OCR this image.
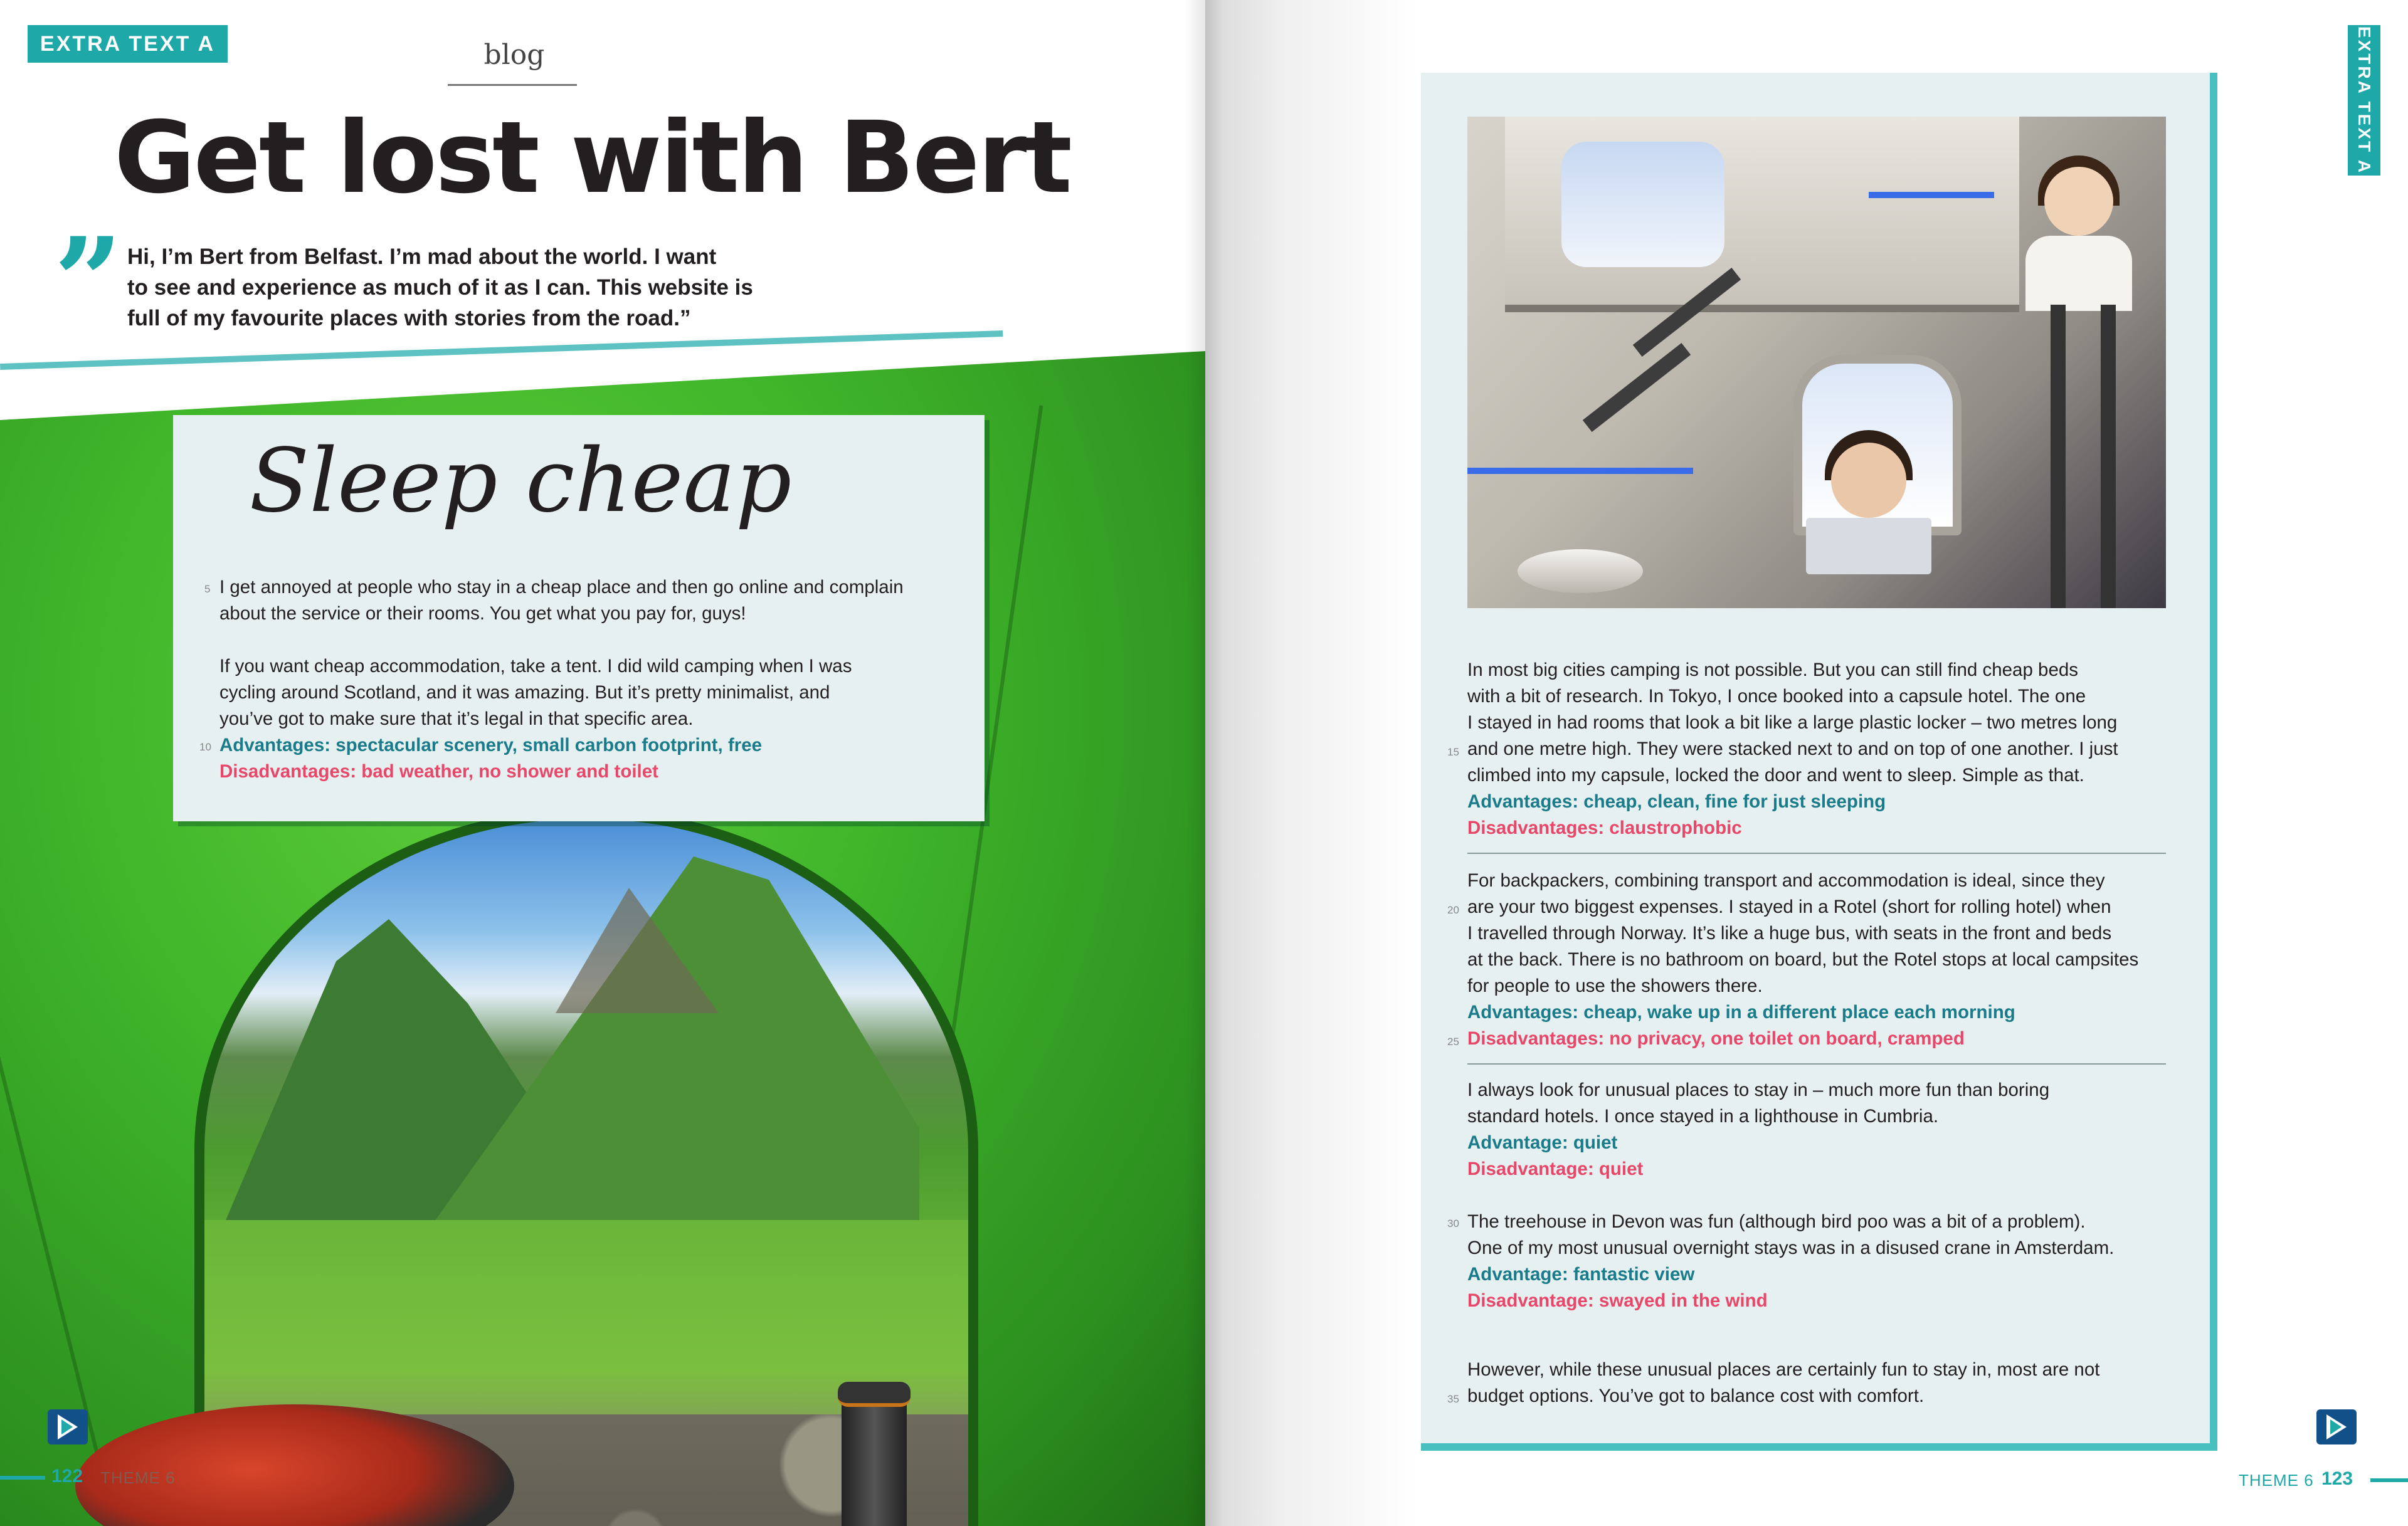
EXTRA TEXT A	blog
Get lost with Bert
” Hi, I’m Bert from Belfast. I’m mad about the world. I want
to see and experience as much of it as I can. This website is
full of my favourite places with stories from the road.”
Sleep cheap
5
10

I get annoyed at people who stay in a cheap place and then go online and complain

about the service or their rooms. You get what you pay for, guys!

If you want cheap accommodation, take a tent. I did wild camping when I was

cycling around Scotland, and it was amazing. But it’s pretty minimalist, and

you’ve got to make sure that it’s legal in that specific area.

Advantages: spectacular scenery, small carbon footprint, free

Disadvantages: bad weather, no shower and toilet

122 THEME 6
EXTRA TEXT A
15
20
25
30
35

In most big cities camping is not possible. But you can still find cheap beds

with a bit of research. In Tokyo, I once booked into a capsule hotel. The one

I stayed in had rooms that look a bit like a large plastic locker – two metres long

and one metre high. They were stacked next to and on top of one another. I just

climbed into my capsule, locked the door and went to sleep. Simple as that.

Advantages: cheap, clean, fine for just sleeping

Disadvantages: claustrophobic

For backpackers, combining transport and accommodation is ideal, since they

are your two biggest expenses. I stayed in a Rotel (short for rolling hotel) when

I travelled through Norway. It’s like a huge bus, with seats in the front and beds

at the back. There is no bathroom on board, but the Rotel stops at local campsites

for people to use the showers there.

Advantages: cheap, wake up in a different place each morning

Disadvantages: no privacy, one toilet on board, cramped

I always look for unusual places to stay in – much more fun than boring

standard hotels. I once stayed in a lighthouse in Cumbria.

Advantage: quiet

Disadvantage: quiet

The treehouse in Devon was fun (although bird poo was a bit of a problem).

One of my most unusual overnight stays was in a disused crane in Amsterdam.

Advantage: fantastic view

Disadvantage: swayed in the wind

However, while these unusual places are certainly fun to stay in, most are not

budget options. You’ve got to balance cost with comfort.

THEME 6 123
